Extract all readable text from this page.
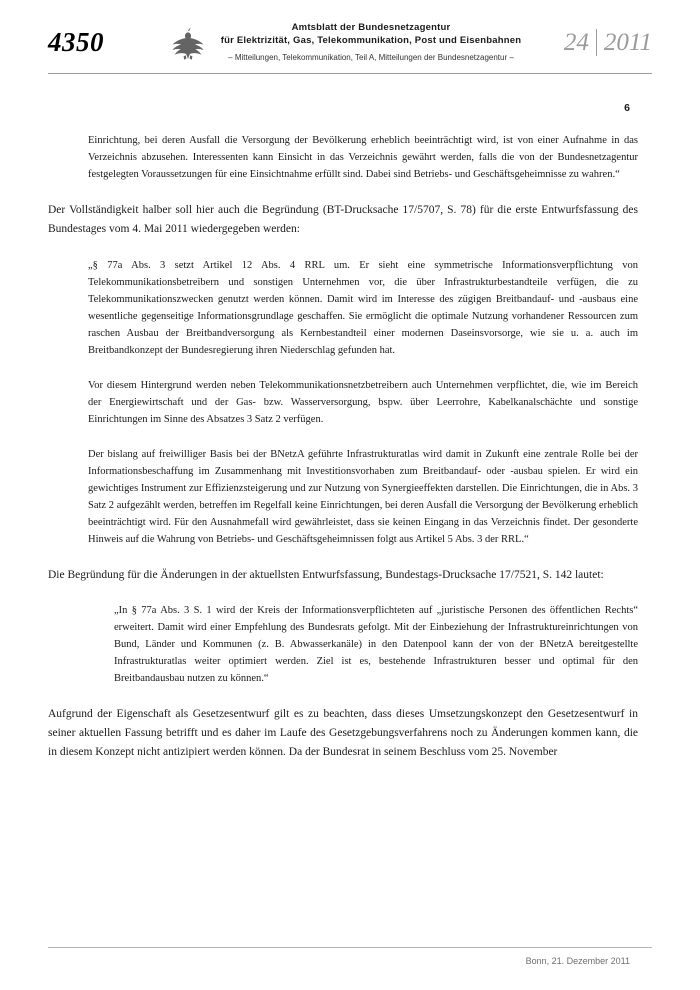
4350	Amtsblatt der Bundesnetzagentur
für Elektrizität, Gas, Telekommunikation, Post und Eisenbahnen
– Mitteilungen, Telekommunikation, Teil A, Mitteilungen der Bundesnetzagentur –
24 2011
6

Einrichtung, bei deren Ausfall die Versorgung der Bevölkerung erheblich beeinträchtigt wird, ist von einer Aufnahme in das Verzeichnis abzusehen. Interessenten kann Einsicht in das Verzeichnis gewährt werden, falls die von der Bundesnetzagentur festgelegten Voraussetzungen für eine Einsichtnahme erfüllt sind. Dabei sind Betriebs- und Geschäftsgeheimnisse zu wahren.“

Der Vollständigkeit halber soll hier auch die Begründung (BT-Drucksache 17/5707, S. 78) für die erste Entwurfsfassung des Bundestages vom 4. Mai 2011 wiedergegeben werden:

„§ 77a Abs. 3 setzt Artikel 12 Abs. 4 RRL um. Er sieht eine symmetrische Informationsverpflichtung von Telekommunikationsbetreibern und sonstigen Unternehmen vor, die über Infrastrukturbestandteile verfügen, die zu Telekommunikationszwecken genutzt werden können. Damit wird im Interesse des zügigen Breitbandauf- und -ausbaus eine wesentliche gegenseitige Informationsgrundlage geschaffen. Sie ermöglicht die optimale Nutzung vorhandener Ressourcen zum raschen Ausbau der Breitbandversorgung als Kernbestandteil einer modernen Daseinsvorsorge, wie sie u. a. auch im Breitbandkonzept der Bundesregierung ihren Niederschlag gefunden hat.

Vor diesem Hintergrund werden neben Telekommunikationsnetzbetreibern auch Unternehmen verpflichtet, die, wie im Bereich der Energiewirtschaft und der Gas- bzw. Wasserversorgung, bspw. über Leerrohre, Kabelkanalschächte und sonstige Einrichtungen im Sinne des Absatzes 3 Satz 2 verfügen.

Der bislang auf freiwilliger Basis bei der BNetzA geführte Infrastrukturatlas wird damit in Zukunft eine zentrale Rolle bei der Informationsbeschaffung im Zusammenhang mit Investitionsvorhaben zum Breitbandauf- oder -ausbau spielen. Er wird ein gewichtiges Instrument zur Effizienzsteigerung und zur Nutzung von Synergieeffekten darstellen. Die Einrichtungen, die in Abs. 3 Satz 2 aufgezählt werden, betreffen im Regelfall keine Einrichtungen, bei deren Ausfall die Versorgung der Bevölkerung erheblich beeinträchtigt wird. Für den Ausnahmefall wird gewährleistet, dass sie keinen Eingang in das Verzeichnis findet. Der gesonderte Hinweis auf die Wahrung von Betriebs- und Geschäftsgeheimnissen folgt aus Artikel 5 Abs. 3 der RRL.“

Die Begründung für die Änderungen in der aktuellsten Entwurfsfassung, Bundestags-Drucksache 17/7521, S. 142 lautet:

„In § 77a Abs. 3 S. 1 wird der Kreis der Informationsverpflichteten auf „juristische Personen des öffentlichen Rechts“ erweitert. Damit wird einer Empfehlung des Bundesrats gefolgt. Mit der Einbeziehung der Infrastruktureinrichtungen von Bund, Länder und Kommunen (z. B. Abwasserkanäle) in den Datenpool kann der von der BNetzA bereitgestellte Infrastrukturatlas weiter optimiert werden. Ziel ist es, bestehende Infrastrukturen besser und optimal für den Breitbandausbau nutzen zu können.“

Aufgrund der Eigenschaft als Gesetzesentwurf gilt es zu beachten, dass dieses Umsetzungskonzept den Gesetzesentwurf in seiner aktuellen Fassung betrifft und es daher im Laufe des Gesetzgebungsverfahrens noch zu Änderungen kommen kann, die in diesem Konzept nicht antizipiert werden können. Da der Bundesrat in seinem Beschluss vom 25. November

Bonn, 21. Dezember 2011
